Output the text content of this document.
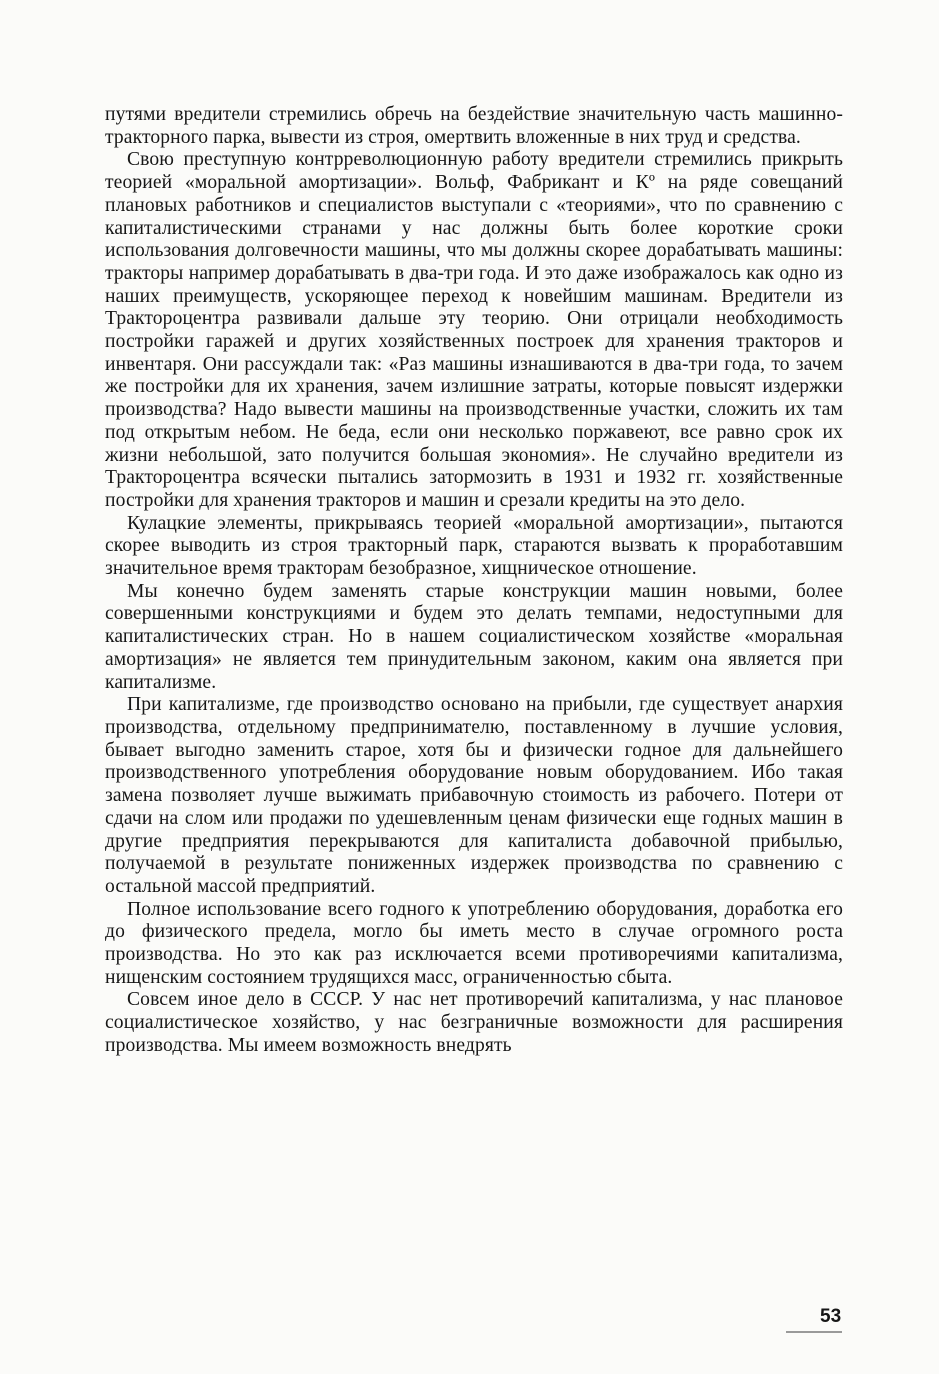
путями вредители стремились обречь на бездействие значительную часть машинно-тракторного парка, вывести из строя, омертвить вложенные в них труд и средства.

Свою преступную контрреволюционную работу вредители стремились прикрыть теорией «моральной амортизации». Вольф, Фабрикант и Кº на ряде совещаний плановых работников и специалистов выступали с «теориями», что по сравнению с капиталистическими странами у нас должны быть более короткие сроки использования долговечности машины, что мы должны скорее дорабатывать машины: тракторы например дорабатывать в два-три года. И это даже изображалось как одно из наших преимуществ, ускоряющее переход к новейшим машинам. Вредители из Трактороцентра развивали дальше эту теорию. Они отрицали необходимость постройки гаражей и других хозяйственных построек для хранения тракторов и инвентаря. Они рассуждали так: «Раз машины изнашиваются в два-три года, то зачем же постройки для их хранения, зачем излишние затраты, которые повысят издержки производства? Надо вывести машины на производственные участки, сложить их там под открытым небом. Не беда, если они несколько поржавеют, все равно срок их жизни небольшой, зато получится большая экономия». Не случайно вредители из Трактороцентра всячески пытались затормозить в 1931 и 1932 гг. хозяйственные постройки для хранения тракторов и машин и срезали кредиты на это дело.

Кулацкие элементы, прикрываясь теорией «моральной амортизации», пытаются скорее выводить из строя тракторный парк, стараются вызвать к проработавшим значительное время тракторам безобразное, хищническое отношение.

Мы конечно будем заменять старые конструкции машин новыми, более совершенными конструкциями и будем это делать темпами, недоступными для капиталистических стран. Но в нашем социалистическом хозяйстве «моральная амортизация» не является тем принудительным законом, каким она является при капитализме.

При капитализме, где производство основано на прибыли, где существует анархия производства, отдельному предпринимателю, поставленному в лучшие условия, бывает выгодно заменить старое, хотя бы и физически годное для дальнейшего производственного употребления оборудование новым оборудованием. Ибо такая замена позволяет лучше выжимать прибавочную стоимость из рабочего. Потери от сдачи на слом или продажи по удешевленным ценам физически еще годных машин в другие предприятия перекрываются для капиталиста добавочной прибылью, получаемой в результате пониженных издержек производства по сравнению с остальной массой предприятий.

Полное использование всего годного к употреблению оборудования, доработка его до физического предела, могло бы иметь место в случае огромного роста производства. Но это как раз исключается всеми противоречиями капитализма, нищенским состоянием трудящихся масс, ограниченностью сбыта.

Совсем иное дело в СССР. У нас нет противоречий капитализма, у нас плановое социалистическое хозяйство, у нас безграничные возможности для расширения производства. Мы имеем возможность внедрять

53
